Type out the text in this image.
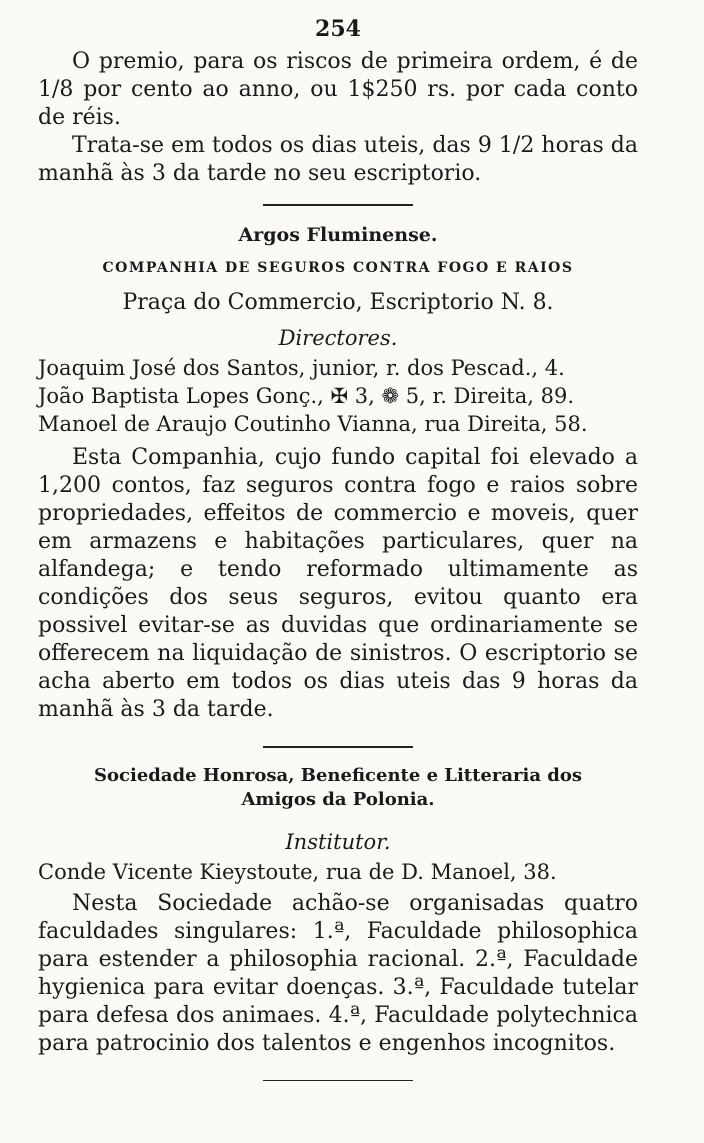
254

O premio, para os riscos de primeira ordem, é de 1/8 por cento ao anno, ou 1$250 rs. por cada conto de réis.

Trata-se em todos os dias uteis, das 9 1/2 horas da manhã às 3 da tarde no seu escriptorio.

Argos Fluminense.

COMPANHIA DE SEGUROS CONTRA FOGO E RAIOS

Praça do Commercio, Escriptorio N. 8.

Directores.

Joaquim José dos Santos, junior, r. dos Pescad., 4.

João Baptista Lopes Gonç., ✠ 3, ❁ 5, r. Direita, 89.

Manoel de Araujo Coutinho Vianna, rua Direita, 58.

Esta Companhia, cujo fundo capital foi elevado a 1,200 contos, faz seguros contra fogo e raios sobre propriedades, effeitos de commercio e moveis, quer em armazens e habitações particulares, quer na alfandega; e tendo reformado ultimamente as condições dos seus seguros, evitou quanto era possivel evitar-se as duvidas que ordinariamente se offerecem na liquidação de sinistros. O escriptorio se acha aberto em todos os dias uteis das 9 horas da manhã às 3 da tarde.

Sociedade Honrosa, Beneficente e Litteraria dos

Amigos da Polonia.

Institutor.

Conde Vicente Kieystoute, rua de D. Manoel, 38.

Nesta Sociedade achão-se organisadas quatro faculdades singulares: 1.ª, Faculdade philosophica para estender a philosophia racional. 2.ª, Faculdade hygienica para evitar doenças. 3.ª, Faculdade tutelar para defesa dos animaes. 4.ª, Faculdade polytechnica para patrocinio dos talentos e engenhos incognitos.
